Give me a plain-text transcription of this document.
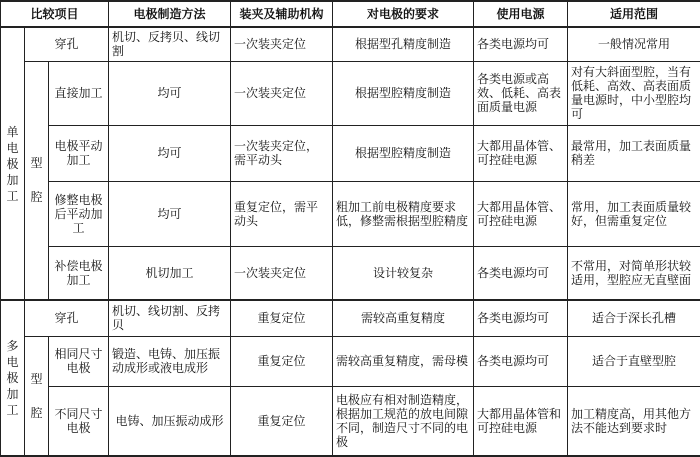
比较项目			电极制造方法	装夹及辅助机构	对电极的要求	使用电源	适用范围

单
电
极
加
工	穿孔		机切、反拷贝、线切割	一次装夹定位	根据型孔精度制造	各类电源均可	一般情况常用

	型
腔	直接加工	均可	一次装夹定位	根据型腔精度制造	各类电源或高效、低耗、高表面质量电源	对有大斜面型腔，当有低耗、高效、高表面质量电源时，中小型腔均可
		电极平动加工	均可	一次装夹定位，需平动头	根据型腔精度制造	大都用晶体管、可控硅电源	最常用，加工表面质量稍差
		修整电极后平动加工	均可	重复定位，需平动头	粗加工前电极精度要求低，修整需根据型腔精度	大都用晶体管、可控硅电源	常用，加工表面质量较好，但需重复定位
		补偿电极加工	机切加工	一次装夹定位	设计较复杂	各类电源均可	不常用，对简单形状较适用，型腔应无直壁面

多
电
极
加
工	穿孔		机切、线切割、反拷贝	重复定位	需较高重复精度	各类电源均可	适合于深长孔槽

	型
腔	相同尺寸电极	锻造、电铸、加压振动成形或液电成形	重复定位	需较高重复精度，需母模	各类电源均可	适合于直壁型腔
		不同尺寸电极	电铸、加压振动成形	重复定位	电极应有相对制造精度，根据加工规范的放电间隙不同，制造尺寸不同的电极	大都用晶体管和可控硅电源	加工精度高，用其他方法不能达到要求时
